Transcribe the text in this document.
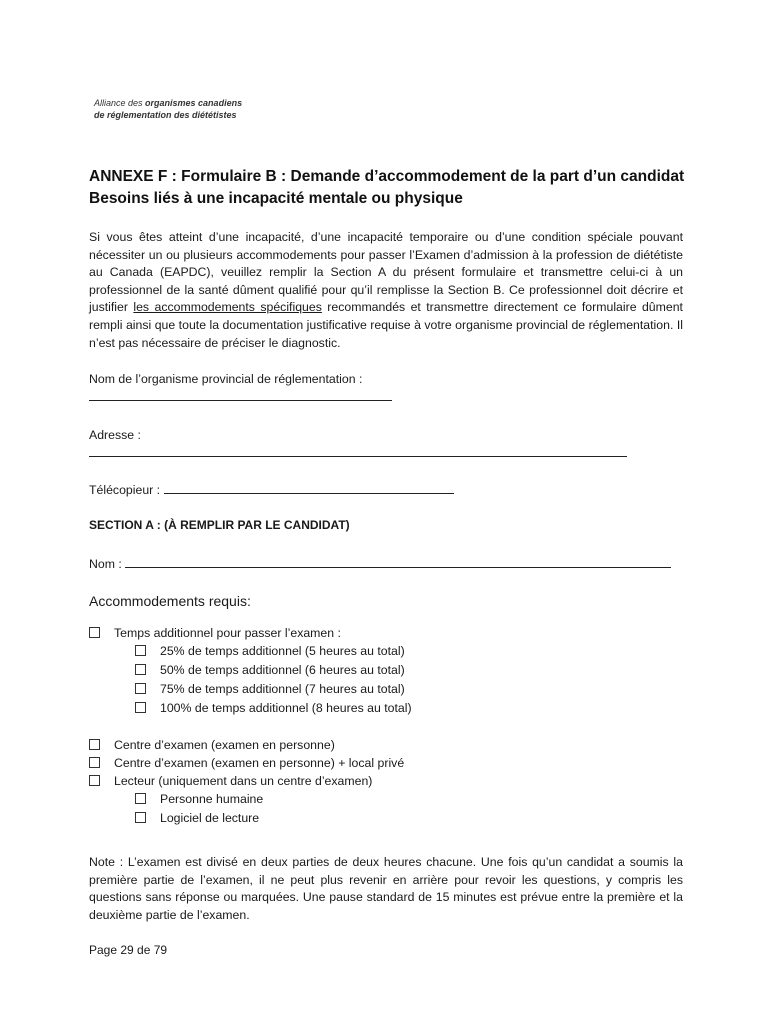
Alliance des organismes canadiens
de réglementation des diététistes
ANNEXE F : Formulaire B : Demande d’accommodement de la part d’un candidat
Besoins liés à une incapacité mentale ou physique
Si vous êtes atteint d’une incapacité, d’une incapacité temporaire ou d’une condition spéciale pouvant nécessiter un ou plusieurs accommodements pour passer l’Examen d’admission à la profession de diététiste au Canada (EAPDC), veuillez remplir la Section A du présent formulaire et transmettre celui-ci à un professionnel de la santé dûment qualifié pour qu’il remplisse la Section B. Ce professionnel doit décrire et justifier les accommodements spécifiques recommandés et transmettre directement ce formulaire dûment rempli ainsi que toute la documentation justificative requise à votre organisme provincial de réglementation. Il n’est pas nécessaire de préciser le diagnostic.
Nom de l’organisme provincial de réglementation :
Adresse :
Télécopieur :
SECTION A : (À REMPLIR PAR LE CANDIDAT)
Nom :
Accommodements requis:
Temps additionnel pour passer l’examen :
25% de temps additionnel (5 heures au total)
50% de temps additionnel (6 heures au total)
75% de temps additionnel (7 heures au total)
100% de temps additionnel (8 heures au total)
Centre d’examen (examen en personne)
Centre d’examen (examen en personne) + local privé
Lecteur (uniquement dans un centre d’examen)
Personne humaine
Logiciel de lecture
Note : L’examen est divisé en deux parties de deux heures chacune. Une fois qu’un candidat a soumis la première partie de l’examen, il ne peut plus revenir en arrière pour revoir les questions, y compris les questions sans réponse ou marquées. Une pause standard de 15 minutes est prévue entre la première et la deuxième partie de l’examen.
Page 29 de 79
